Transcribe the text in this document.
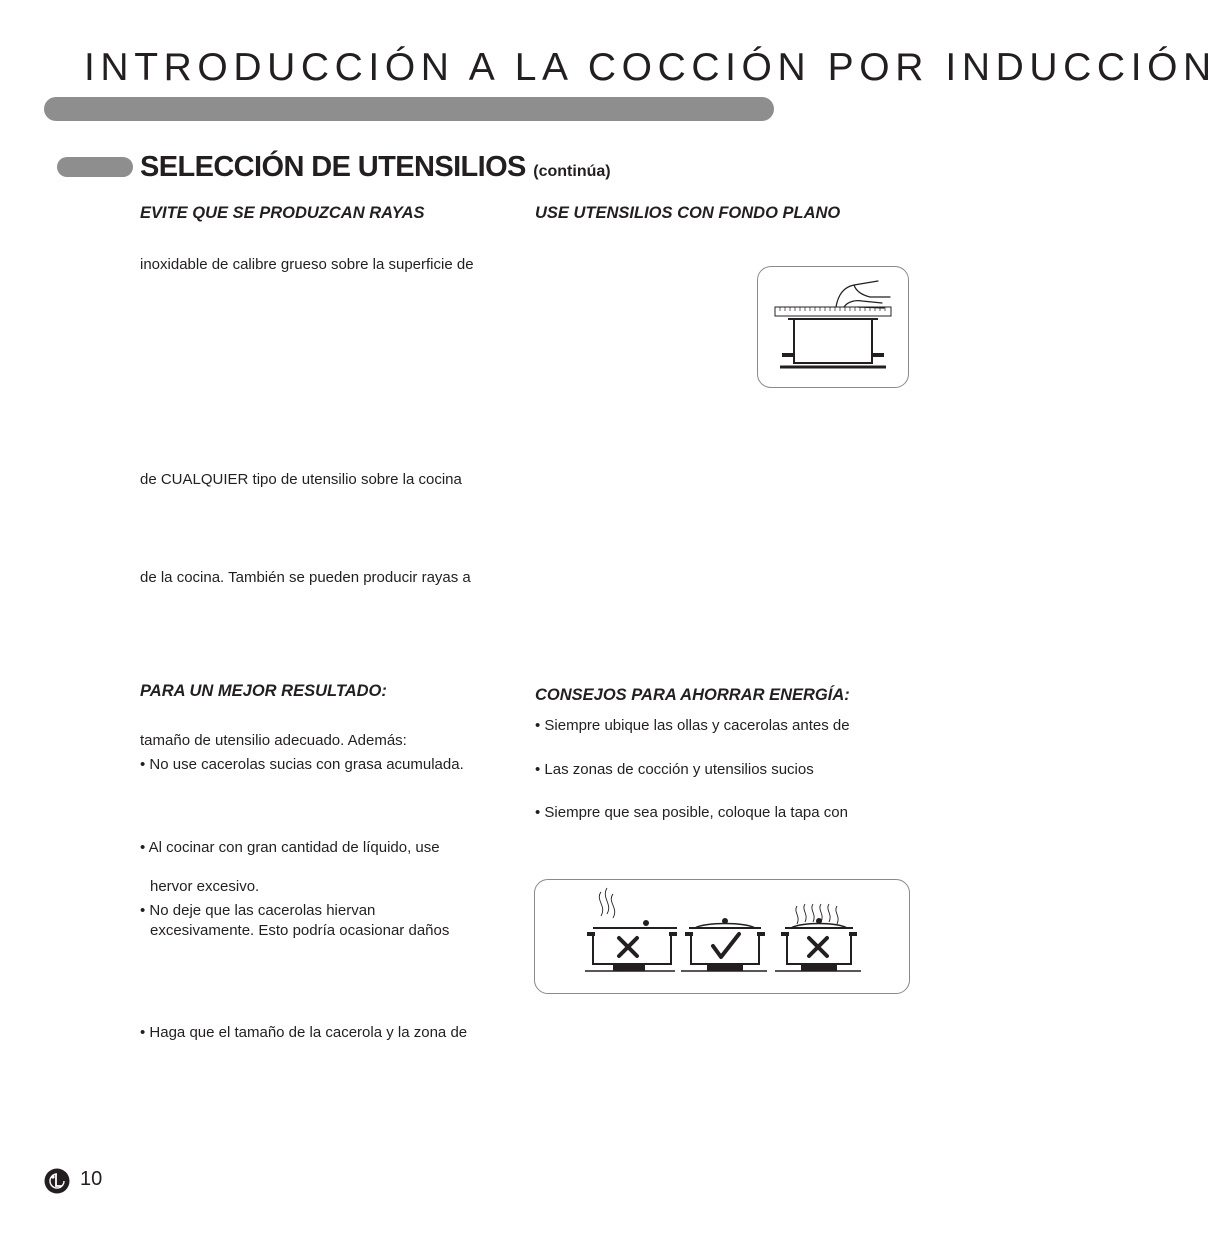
INTRODUCCIÓN A LA COCCIÓN POR INDUCCIÓN
SELECCIÓN DE UTENSILIOS (continúa)
EVITE QUE SE PRODUZCAN RAYAS
inoxidable de calibre grueso sobre la superficie de
de CUALQUIER tipo de utensilio sobre la cocina
de la cocina. También se pueden producir rayas a
PARA UN MEJOR RESULTADO:
tamaño de utensilio adecuado. Además:
• No use cacerolas sucias con grasa acumulada.
• Al cocinar con gran cantidad de líquido, use
hervor excesivo.
• No deje que las cacerolas hiervan
excesivamente. Esto podría ocasionar daños
• Haga que el tamaño de la cacerola y la zona de
USE UTENSILIOS CON FONDO PLANO
CONSEJOS PARA AHORRAR ENERGÍA:
• Siempre ubique las ollas y cacerolas antes de
• Las zonas de cocción y utensilios sucios
• Siempre que sea posible, coloque la tapa con
10
